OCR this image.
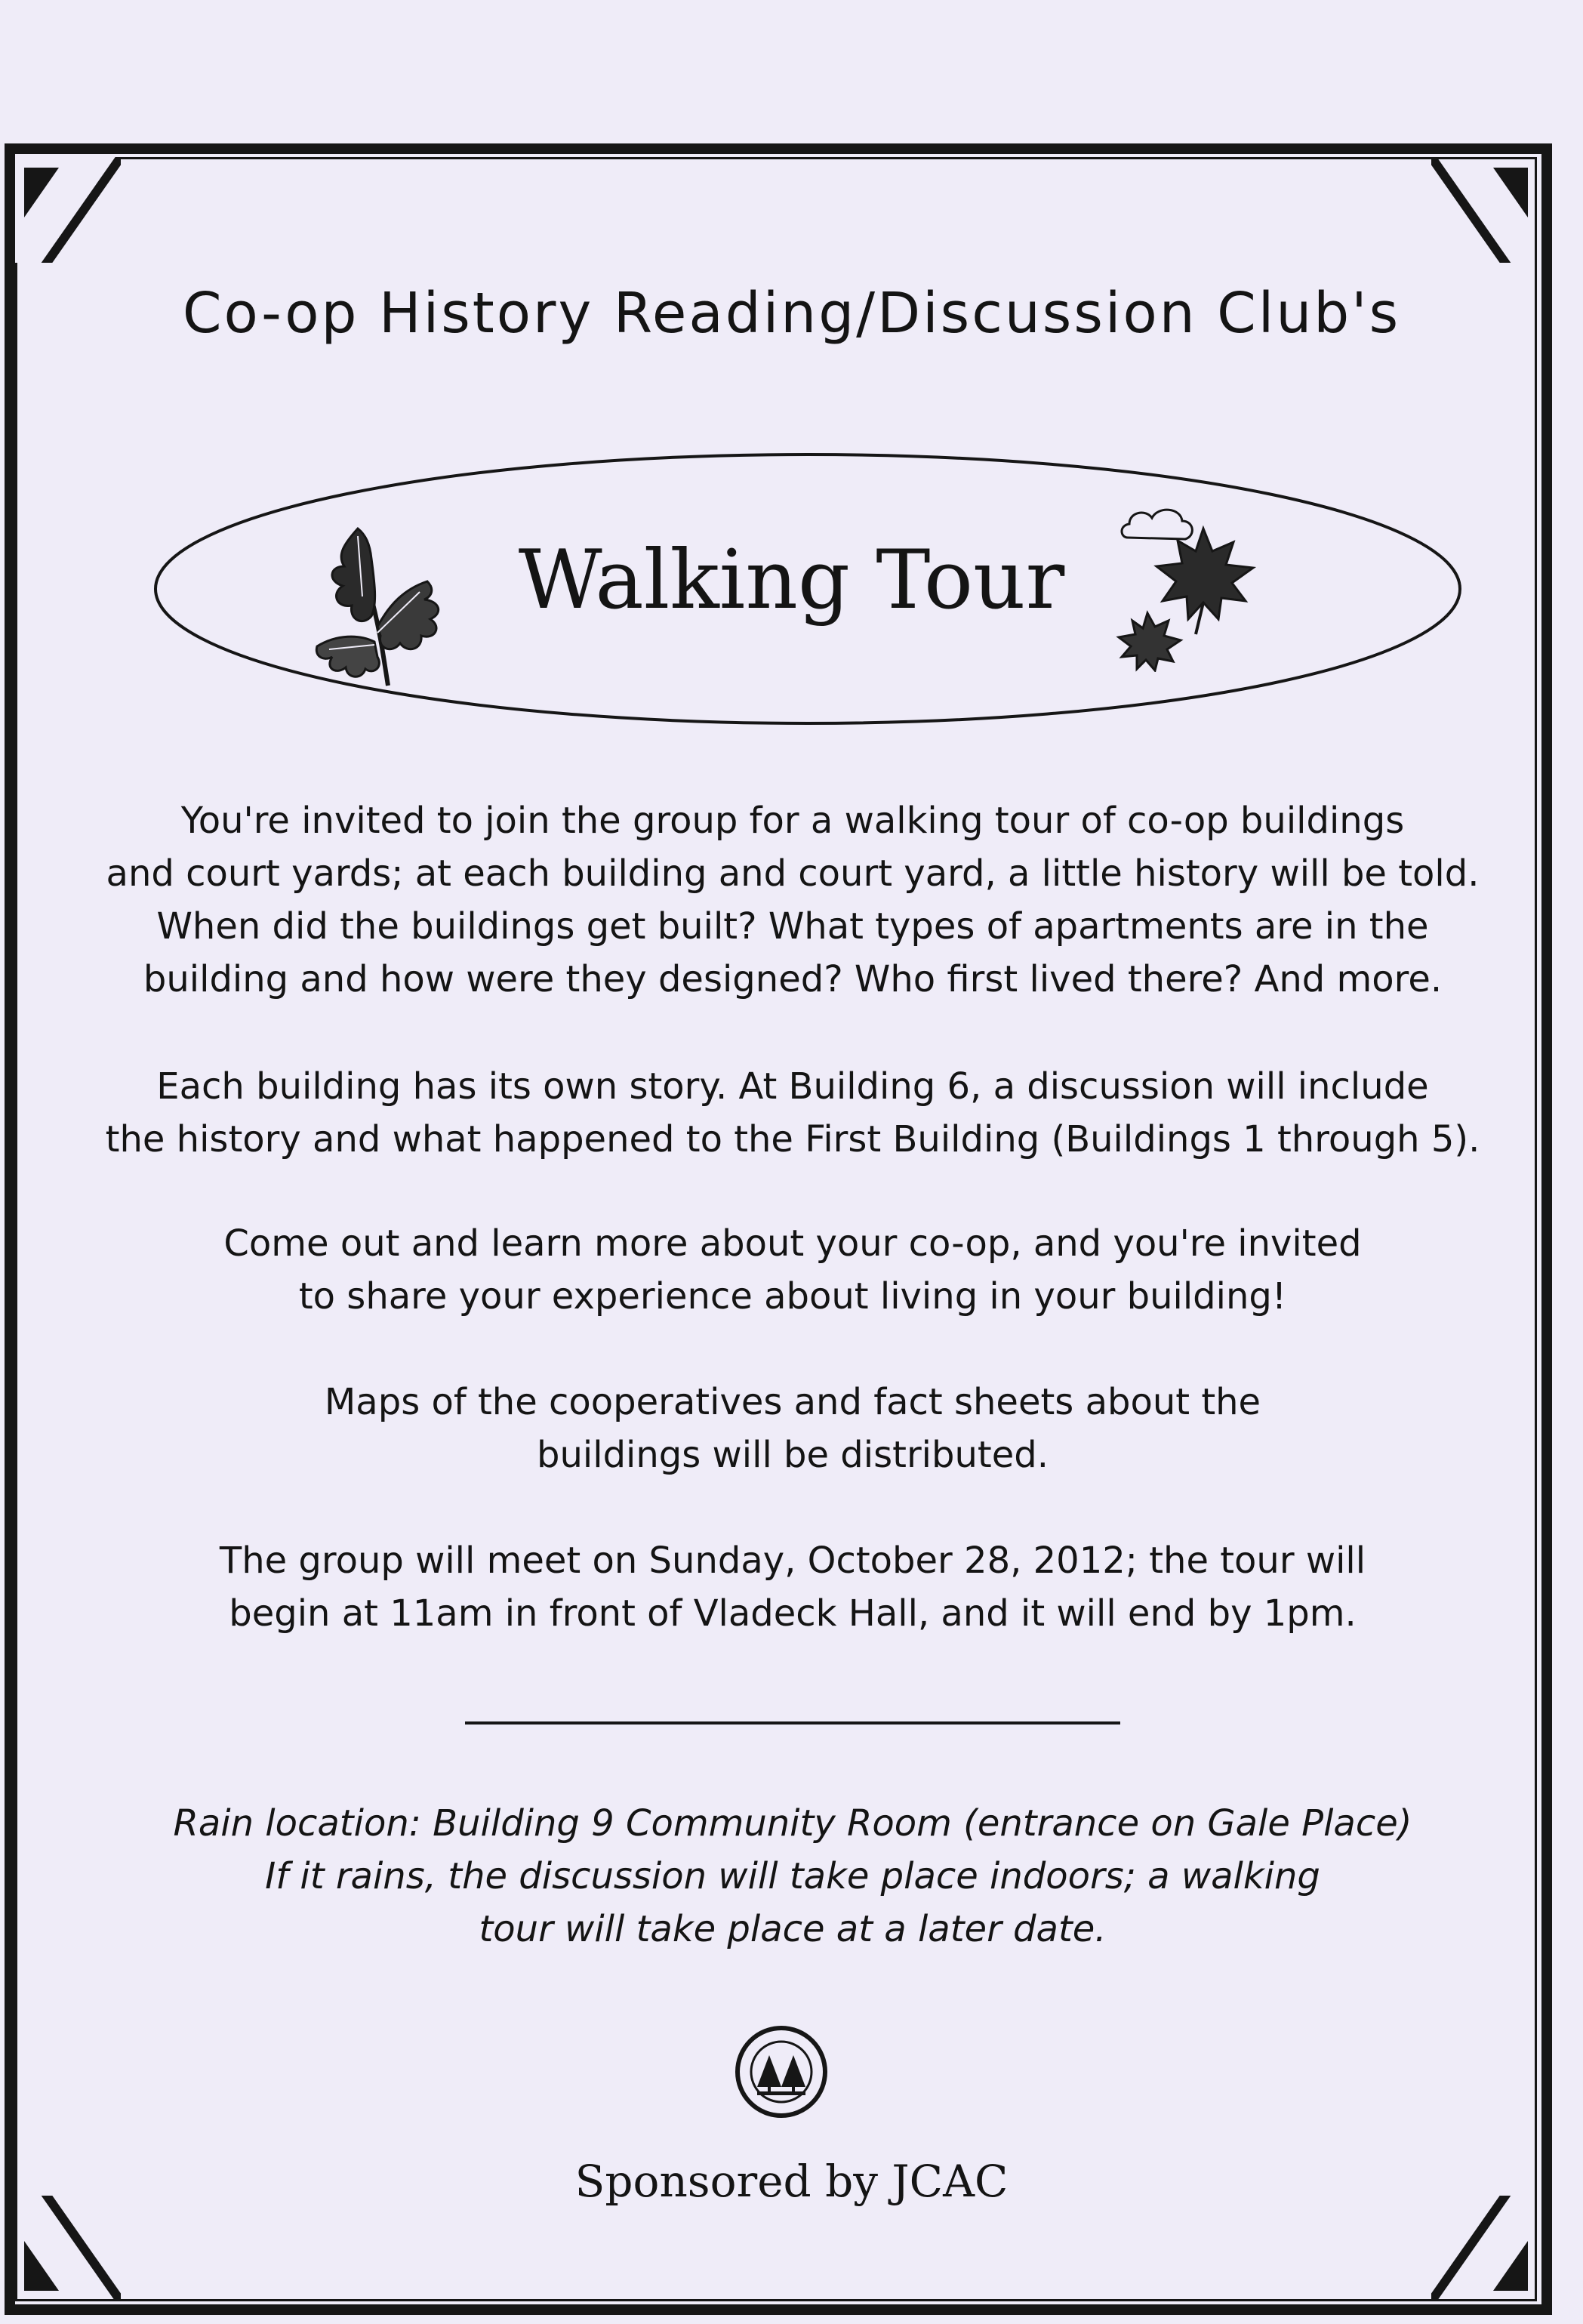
Co-op History Reading/Discussion Club's
Walking Tour
You're invited to join the group for a walking tour of co-op buildings
and court yards; at each building and court yard, a little history will be told.
When did the buildings get built? What types of apartments are in the
building and how were they designed? Who first lived there? And more.
Each building has its own story. At Building 6, a discussion will include
the history and what happened to the First Building (Buildings 1 through 5).
Come out and learn more about your co-op, and you're invited
to share your experience about living in your building!
Maps of the cooperatives and fact sheets about the
buildings will be distributed.
The group will meet on Sunday, October 28, 2012; the tour will
begin at 11am in front of Vladeck Hall, and it will end by 1pm.
Rain location: Building 9 Community Room (entrance on Gale Place)
If it rains, the discussion will take place indoors; a walking
tour will take place at a later date.
Sponsored by JCAC
